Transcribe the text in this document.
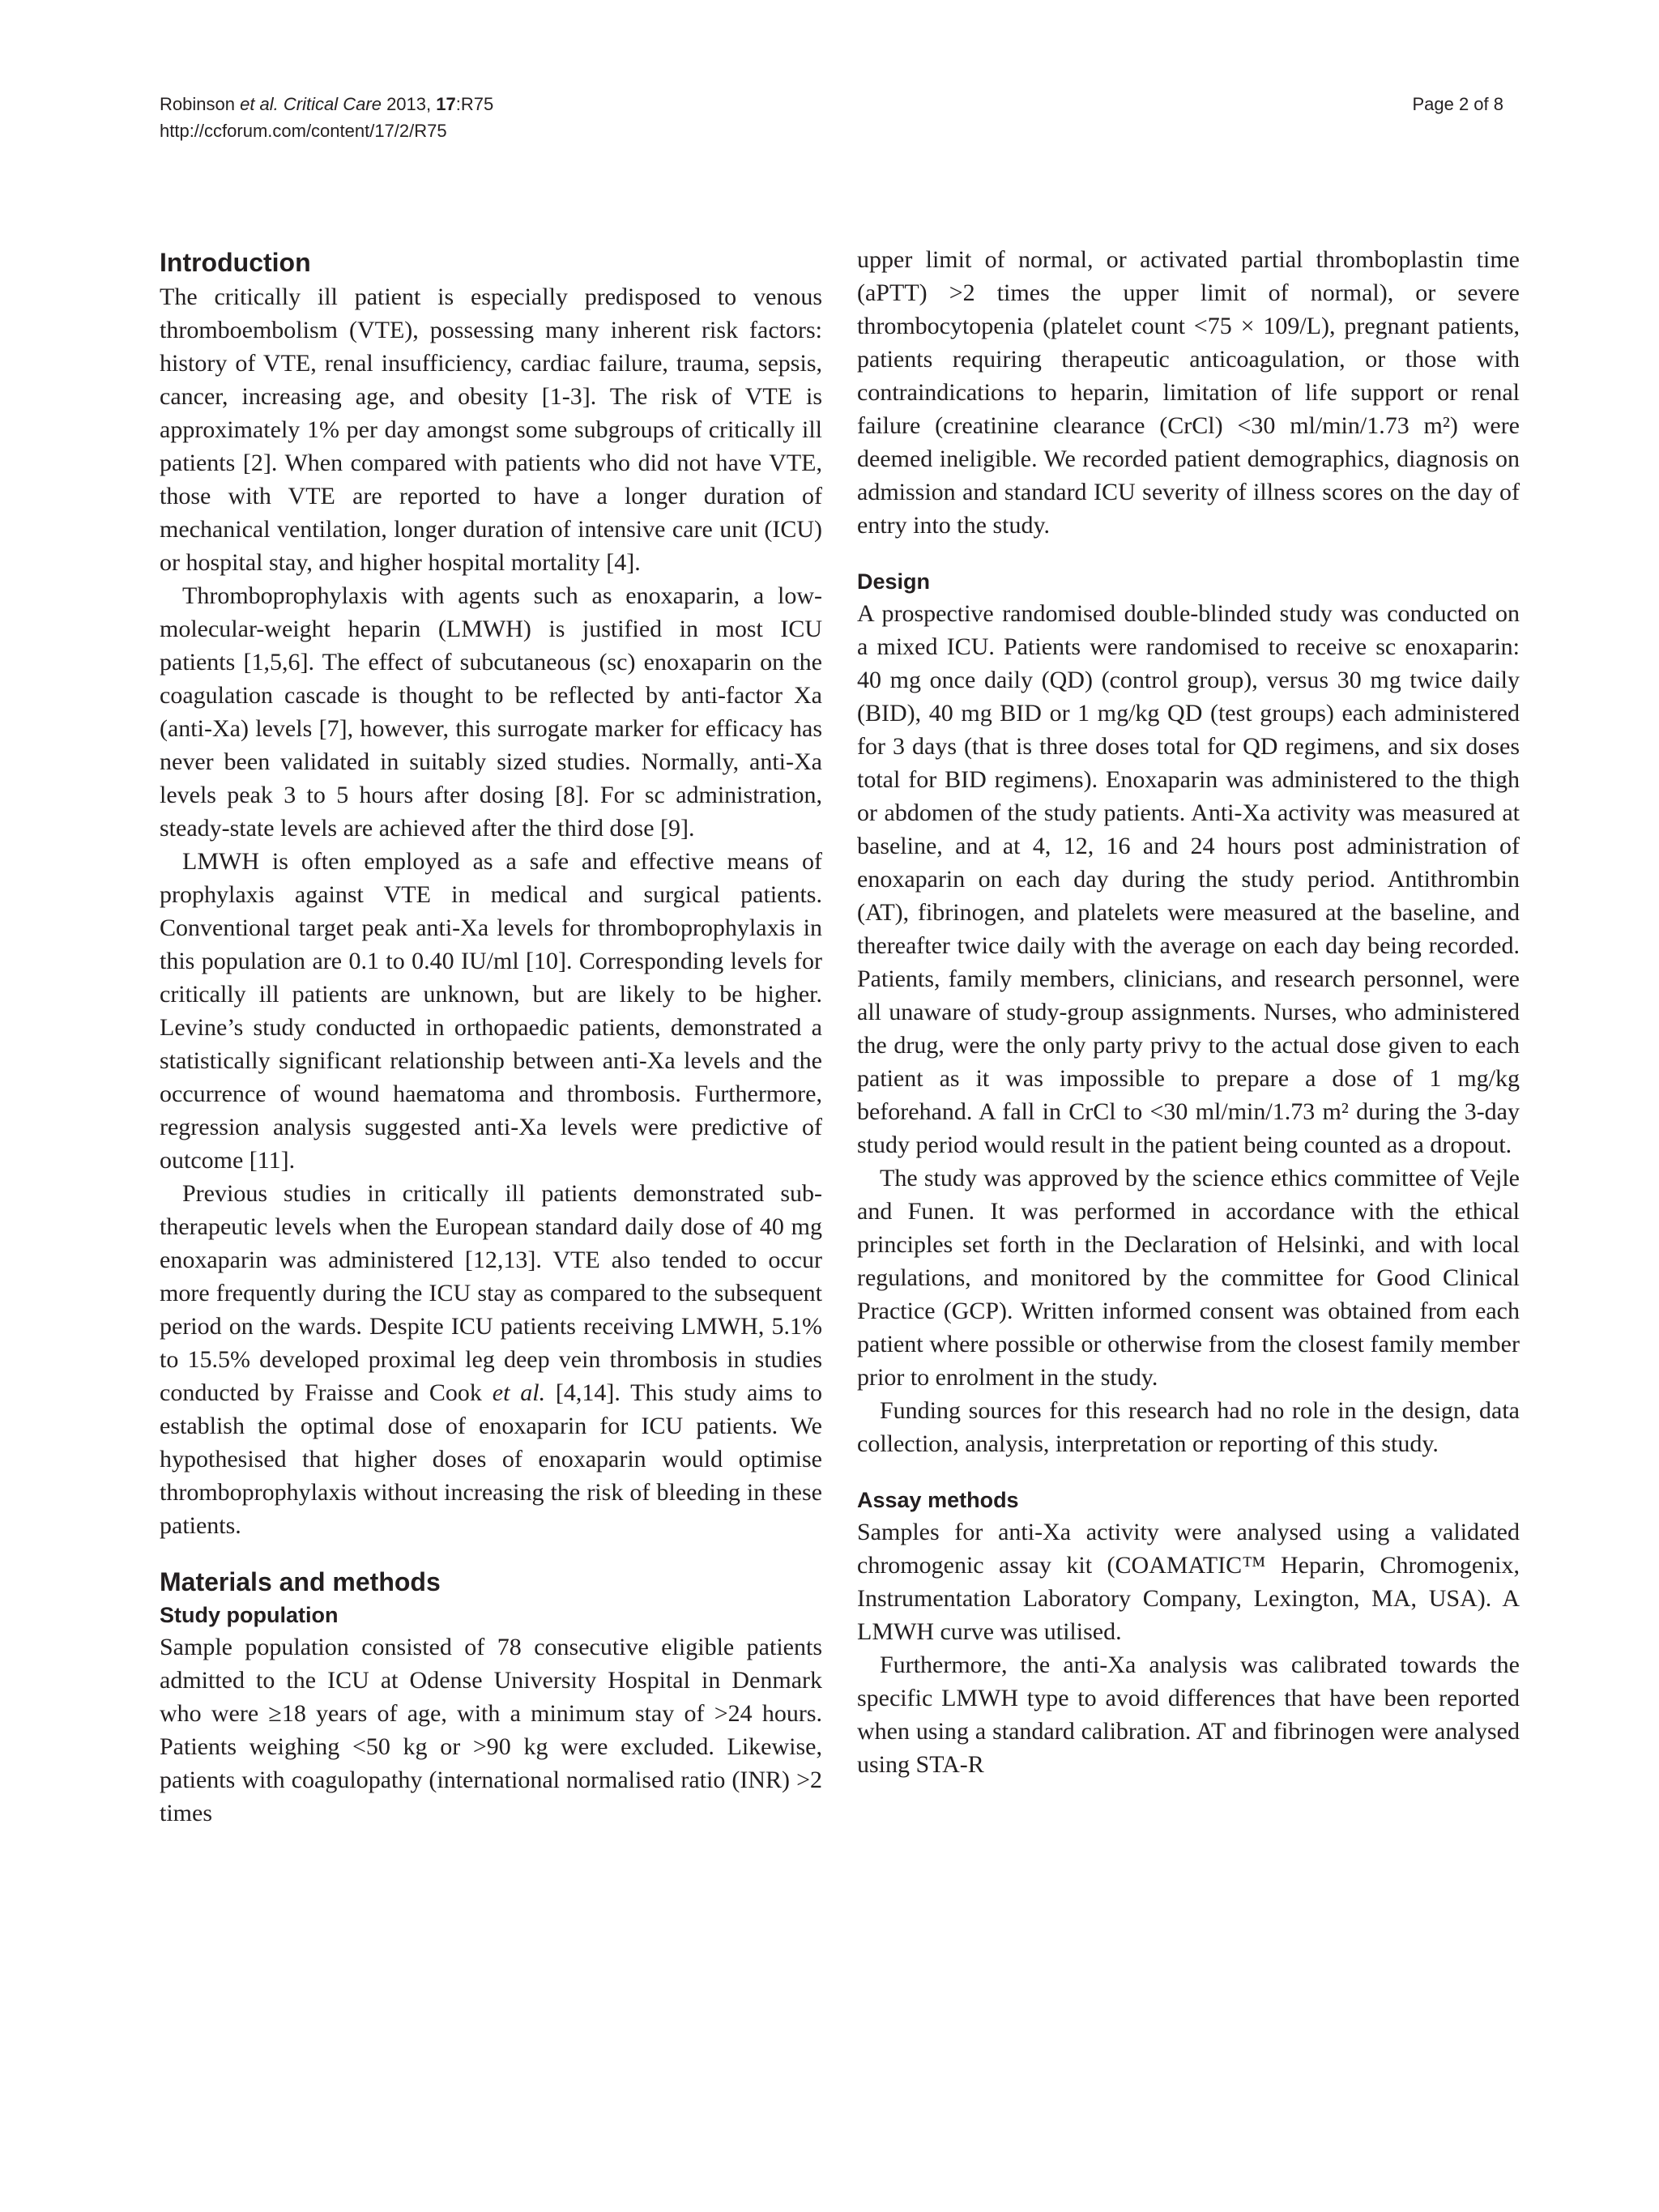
Robinson et al. Critical Care 2013, 17:R75
http://ccforum.com/content/17/2/R75
Page 2 of 8
Introduction

The critically ill patient is especially predisposed to venous thromboembolism (VTE), possessing many inherent risk factors: history of VTE, renal insufficiency, cardiac failure, trauma, sepsis, cancer, increasing age, and obesity [1-3]. The risk of VTE is approximately 1% per day amongst some subgroups of critically ill patients [2]. When compared with patients who did not have VTE, those with VTE are reported to have a longer duration of mechanical ventilation, longer duration of intensive care unit (ICU) or hospital stay, and higher hospital mortality [4].

Thromboprophylaxis with agents such as enoxaparin, a low- molecular-weight heparin (LMWH) is justified in most ICU patients [1,5,6]. The effect of subcutaneous (sc) enoxaparin on the coagulation cascade is thought to be reflected by anti-factor Xa (anti-Xa) levels [7], however, this surrogate marker for efficacy has never been validated in suitably sized studies. Normally, anti-Xa levels peak 3 to 5 hours after dosing [8]. For sc administration, steady-state levels are achieved after the third dose [9].

LMWH is often employed as a safe and effective means of prophylaxis against VTE in medical and surgical patients. Conventional target peak anti-Xa levels for thromboprophylaxis in this population are 0.1 to 0.40 IU/ml [10]. Corresponding levels for critically ill patients are unknown, but are likely to be higher. Levine’s study conducted in orthopaedic patients, demonstrated a statistically significant relationship between anti-Xa levels and the occurrence of wound haematoma and thrombosis. Furthermore, regression analysis suggested anti-Xa levels were predictive of outcome [11].

Previous studies in critically ill patients demonstrated sub-therapeutic levels when the European standard daily dose of 40 mg enoxaparin was administered [12,13]. VTE also tended to occur more frequently during the ICU stay as compared to the subsequent period on the wards. Despite ICU patients receiving LMWH, 5.1% to 15.5% developed proximal leg deep vein thrombosis in studies conducted by Fraisse and Cook et al. [4,14]. This study aims to establish the optimal dose of enoxaparin for ICU patients. We hypothesised that higher doses of enoxaparin would optimise thromboprophylaxis without increasing the risk of bleeding in these patients.

Materials and methods
Study population

Sample population consisted of 78 consecutive eligible patients admitted to the ICU at Odense University Hospital in Denmark who were ≥18 years of age, with a minimum stay of >24 hours. Patients weighing <50 kg or >90 kg were excluded. Likewise, patients with coagulopathy (international normalised ratio (INR) >2 times

upper limit of normal, or activated partial thromboplastin time (aPTT) >2 times the upper limit of normal), or severe thrombocytopenia (platelet count <75 × 109/L), pregnant patients, patients requiring therapeutic anticoagulation, or those with contraindications to heparin, limitation of life support or renal failure (creatinine clearance (CrCl) <30 ml/min/1.73 m²) were deemed ineligible. We recorded patient demographics, diagnosis on admission and standard ICU severity of illness scores on the day of entry into the study.

Design

A prospective randomised double-blinded study was conducted on a mixed ICU. Patients were randomised to receive sc enoxaparin: 40 mg once daily (QD) (control group), versus 30 mg twice daily (BID), 40 mg BID or 1 mg/kg QD (test groups) each administered for 3 days (that is three doses total for QD regimens, and six doses total for BID regimens). Enoxaparin was administered to the thigh or abdomen of the study patients. Anti-Xa activity was measured at baseline, and at 4, 12, 16 and 24 hours post administration of enoxaparin on each day during the study period. Antithrombin (AT), fibrinogen, and platelets were measured at the baseline, and thereafter twice daily with the average on each day being recorded. Patients, family members, clinicians, and research personnel, were all unaware of study-group assignments. Nurses, who administered the drug, were the only party privy to the actual dose given to each patient as it was impossible to prepare a dose of 1 mg/kg beforehand. A fall in CrCl to <30 ml/min/1.73 m² during the 3-day study period would result in the patient being counted as a dropout.

The study was approved by the science ethics committee of Vejle and Funen. It was performed in accordance with the ethical principles set forth in the Declaration of Helsinki, and with local regulations, and monitored by the committee for Good Clinical Practice (GCP). Written informed consent was obtained from each patient where possible or otherwise from the closest family member prior to enrolment in the study.

Funding sources for this research had no role in the design, data collection, analysis, interpretation or reporting of this study.

Assay methods

Samples for anti-Xa activity were analysed using a validated chromogenic assay kit (COAMATIC™ Heparin, Chromogenix, Instrumentation Laboratory Company, Lexington, MA, USA). A LMWH curve was utilised.

Furthermore, the anti-Xa analysis was calibrated towards the specific LMWH type to avoid differences that have been reported when using a standard calibration. AT and fibrinogen were analysed using STA-R
